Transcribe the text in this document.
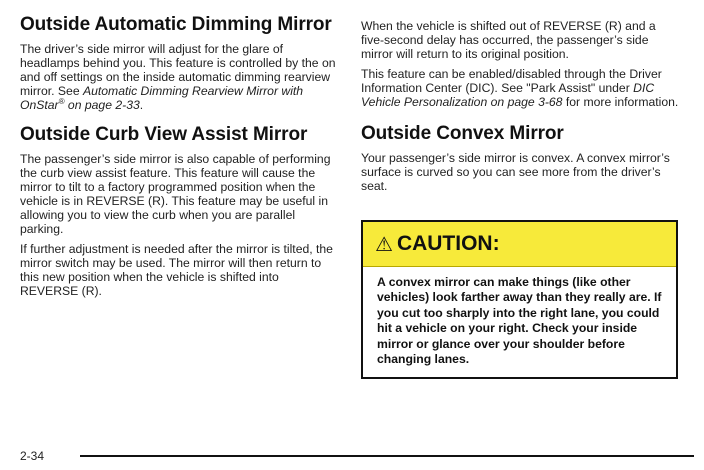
Outside Automatic Dimming Mirror

The driver’s side mirror will adjust for the glare of headlamps behind you. This feature is controlled by the on and off settings on the inside automatic dimming rearview mirror. See Automatic Dimming Rearview Mirror with OnStar® on page 2-33.

Outside Curb View Assist Mirror

The passenger’s side mirror is also capable of performing the curb view assist feature. This feature will cause the mirror to tilt to a factory programmed position when the vehicle is in REVERSE (R). This feature may be useful in allowing you to view the curb when you are parallel parking.

If further adjustment is needed after the mirror is tilted, the mirror switch may be used. The mirror will then return to this new position when the vehicle is shifted into REVERSE (R).

When the vehicle is shifted out of REVERSE (R) and a five-second delay has occurred, the passenger’s side mirror will return to its original position.

This feature can be enabled/disabled through the Driver Information Center (DIC). See "Park Assist" under DIC Vehicle Personalization on page 3-68 for more information.

Outside Convex Mirror

Your passenger’s side mirror is convex. A convex mirror’s surface is curved so you can see more from the driver’s seat.

⚠ CAUTION:
A convex mirror can make things (like other vehicles) look farther away than they really are. If you cut too sharply into the right lane, you could hit a vehicle on your right. Check your inside mirror or glance over your shoulder before changing lanes.
2-34
